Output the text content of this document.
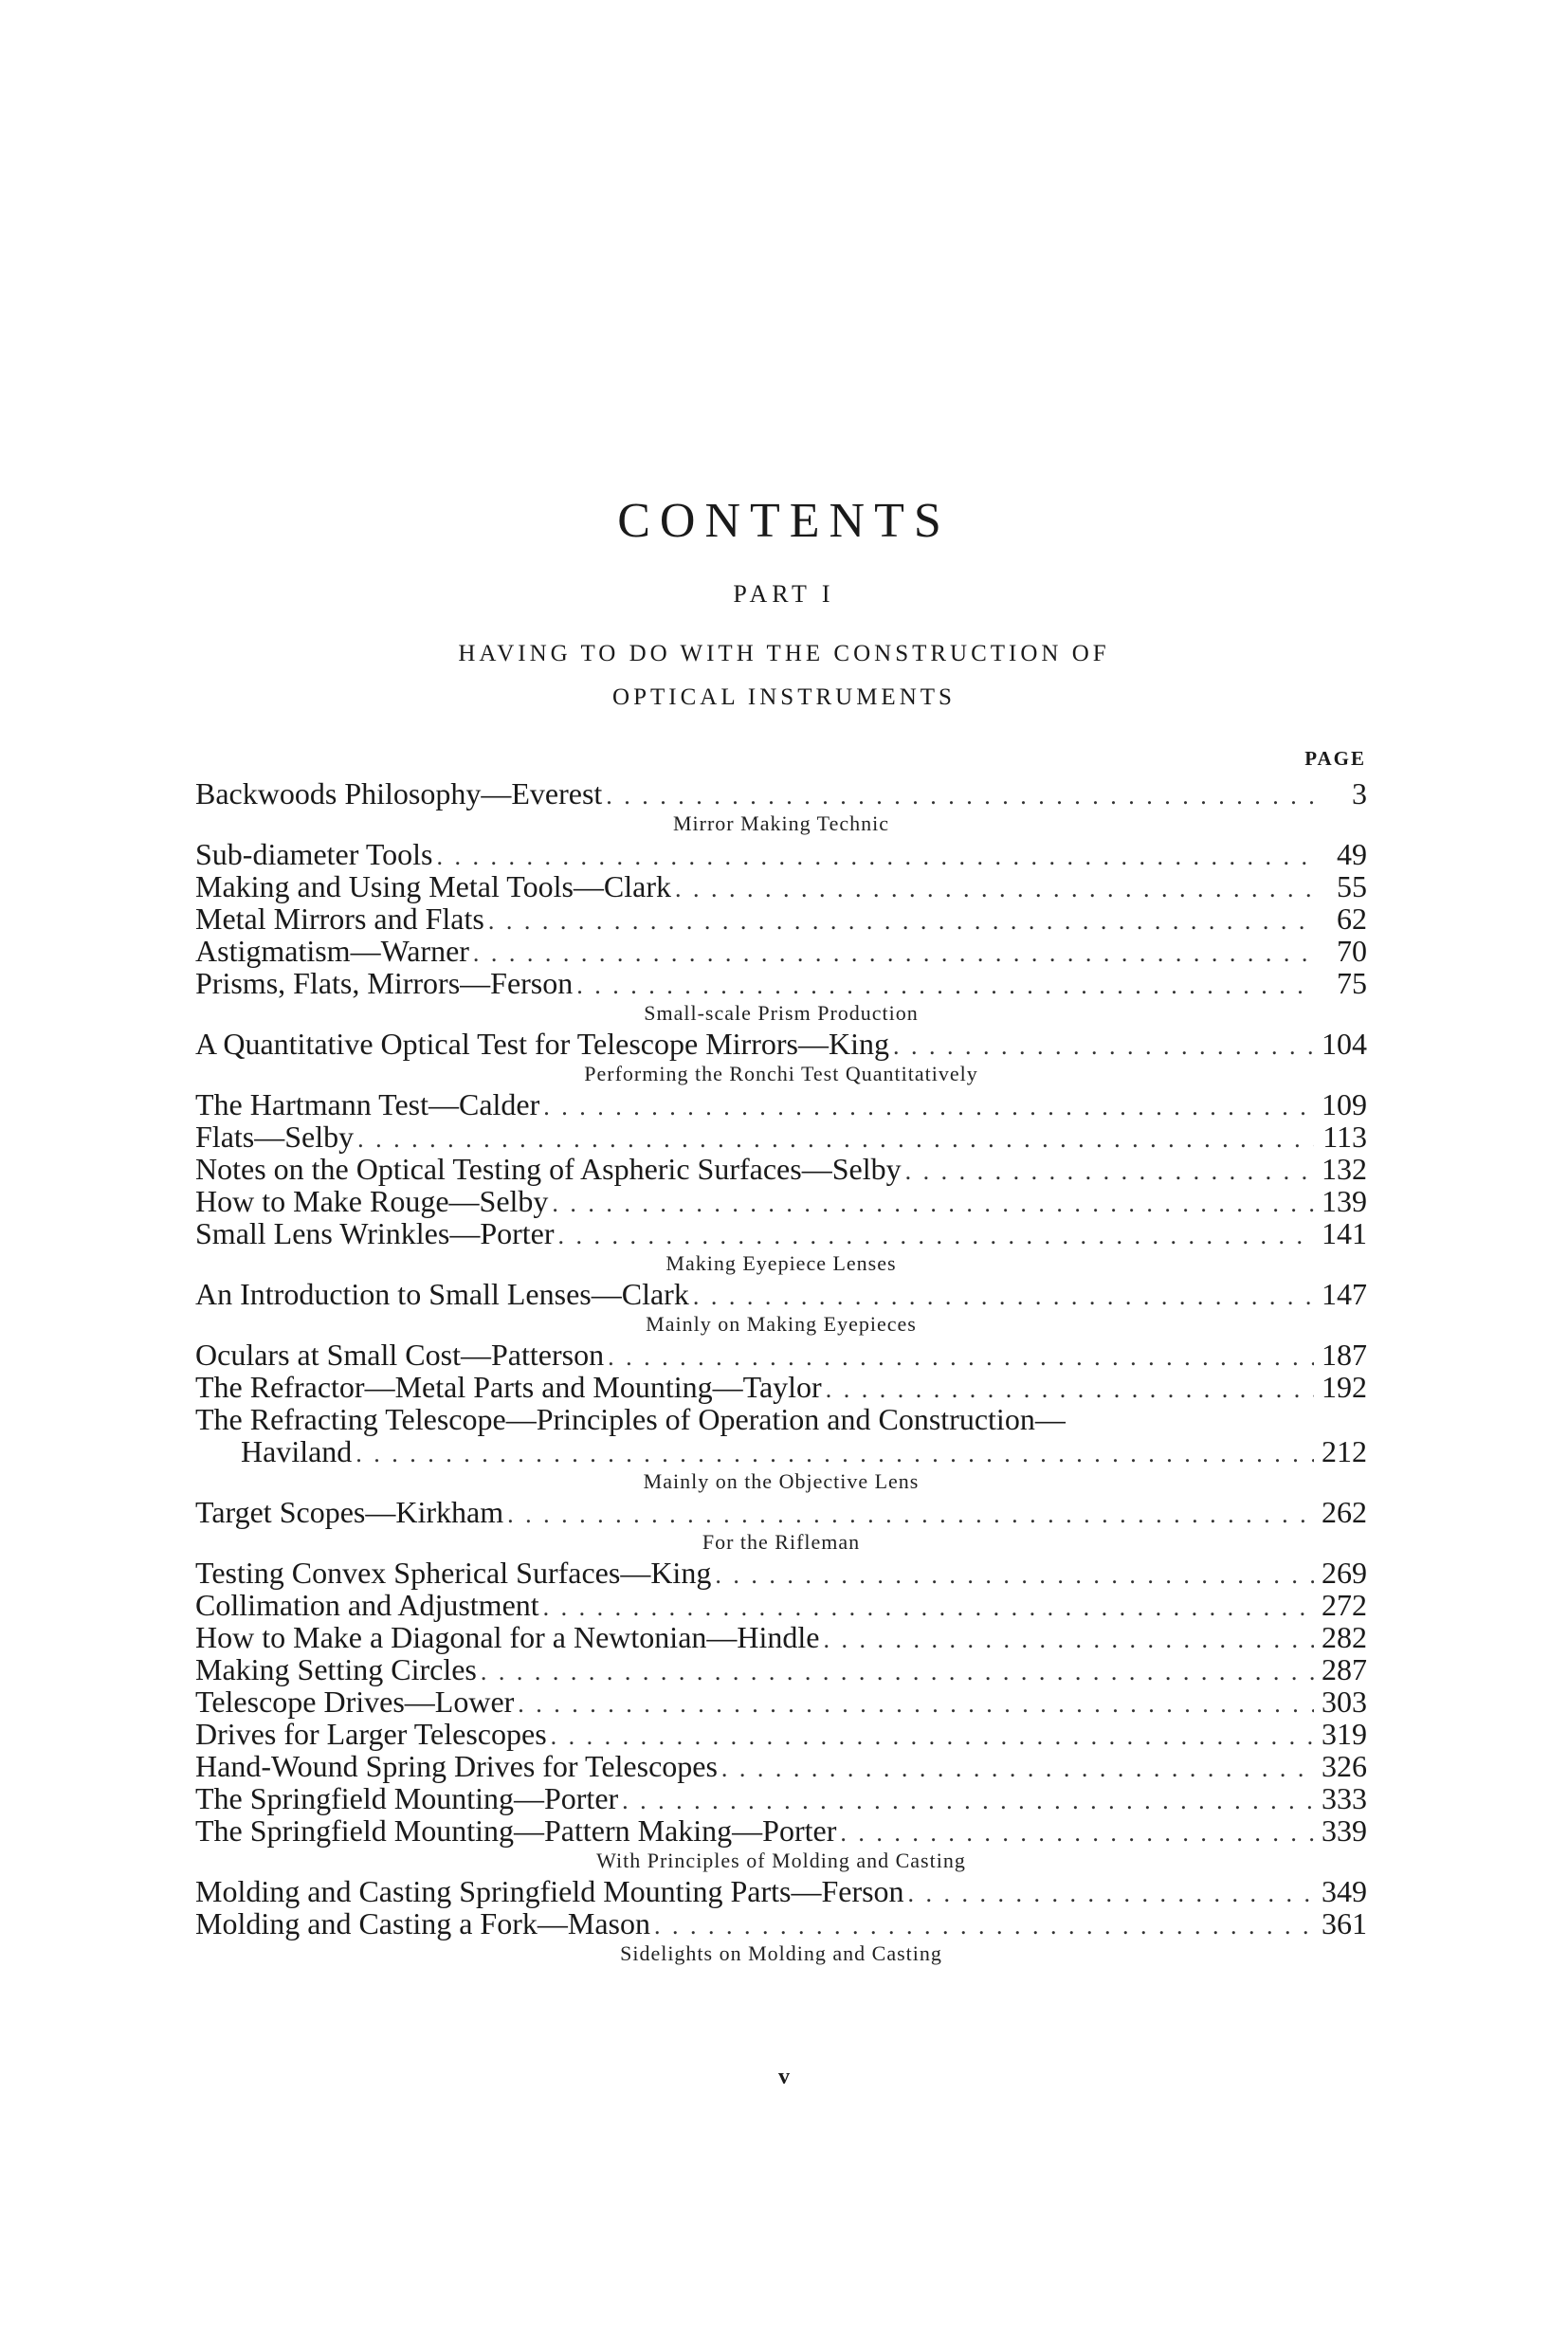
CONTENTS
PART I
HAVING TO DO WITH THE CONSTRUCTION OF
OPTICAL INSTRUMENTS
PAGE
Backwoods Philosophy—Everest . . .	3
Mirror Making Technic
Sub-diameter Tools . . .	49
Making and Using Metal Tools—Clark . . .	55
Metal Mirrors and Flats . . .	62
Astigmatism—Warner . . .	70
Prisms, Flats, Mirrors—Ferson . . .	75
Small-scale Prism Production
A Quantitative Optical Test for Telescope Mirrors—King . . .	104
Performing the Ronchi Test Quantitatively
The Hartmann Test—Calder . . .	109
Flats—Selby . . .	113
Notes on the Optical Testing of Aspheric Surfaces—Selby . . .	132
How to Make Rouge—Selby . . .	139
Small Lens Wrinkles—Porter . . .	141
Making Eyepiece Lenses
An Introduction to Small Lenses—Clark . . .	147
Mainly on Making Eyepieces
Oculars at Small Cost—Patterson . . .	187
The Refractor—Metal Parts and Mounting—Taylor . . .	192
The Refracting Telescope—Principles of Operation and Construction—
Haviland . . .	212
Mainly on the Objective Lens
Target Scopes—Kirkham . . .	262
For the Rifleman
Testing Convex Spherical Surfaces—King . . .	269
Collimation and Adjustment . . .	272
How to Make a Diagonal for a Newtonian—Hindle . . .	282
Making Setting Circles . . .	287
Telescope Drives—Lower . . .	303
Drives for Larger Telescopes . . .	319
Hand-Wound Spring Drives for Telescopes . . .	326
The Springfield Mounting—Porter . . .	333
The Springfield Mounting—Pattern Making—Porter . . .	339
With Principles of Molding and Casting
Molding and Casting Springfield Mounting Parts—Ferson . . .	349
Molding and Casting a Fork—Mason . . .	361
Sidelights on Molding and Casting
v
